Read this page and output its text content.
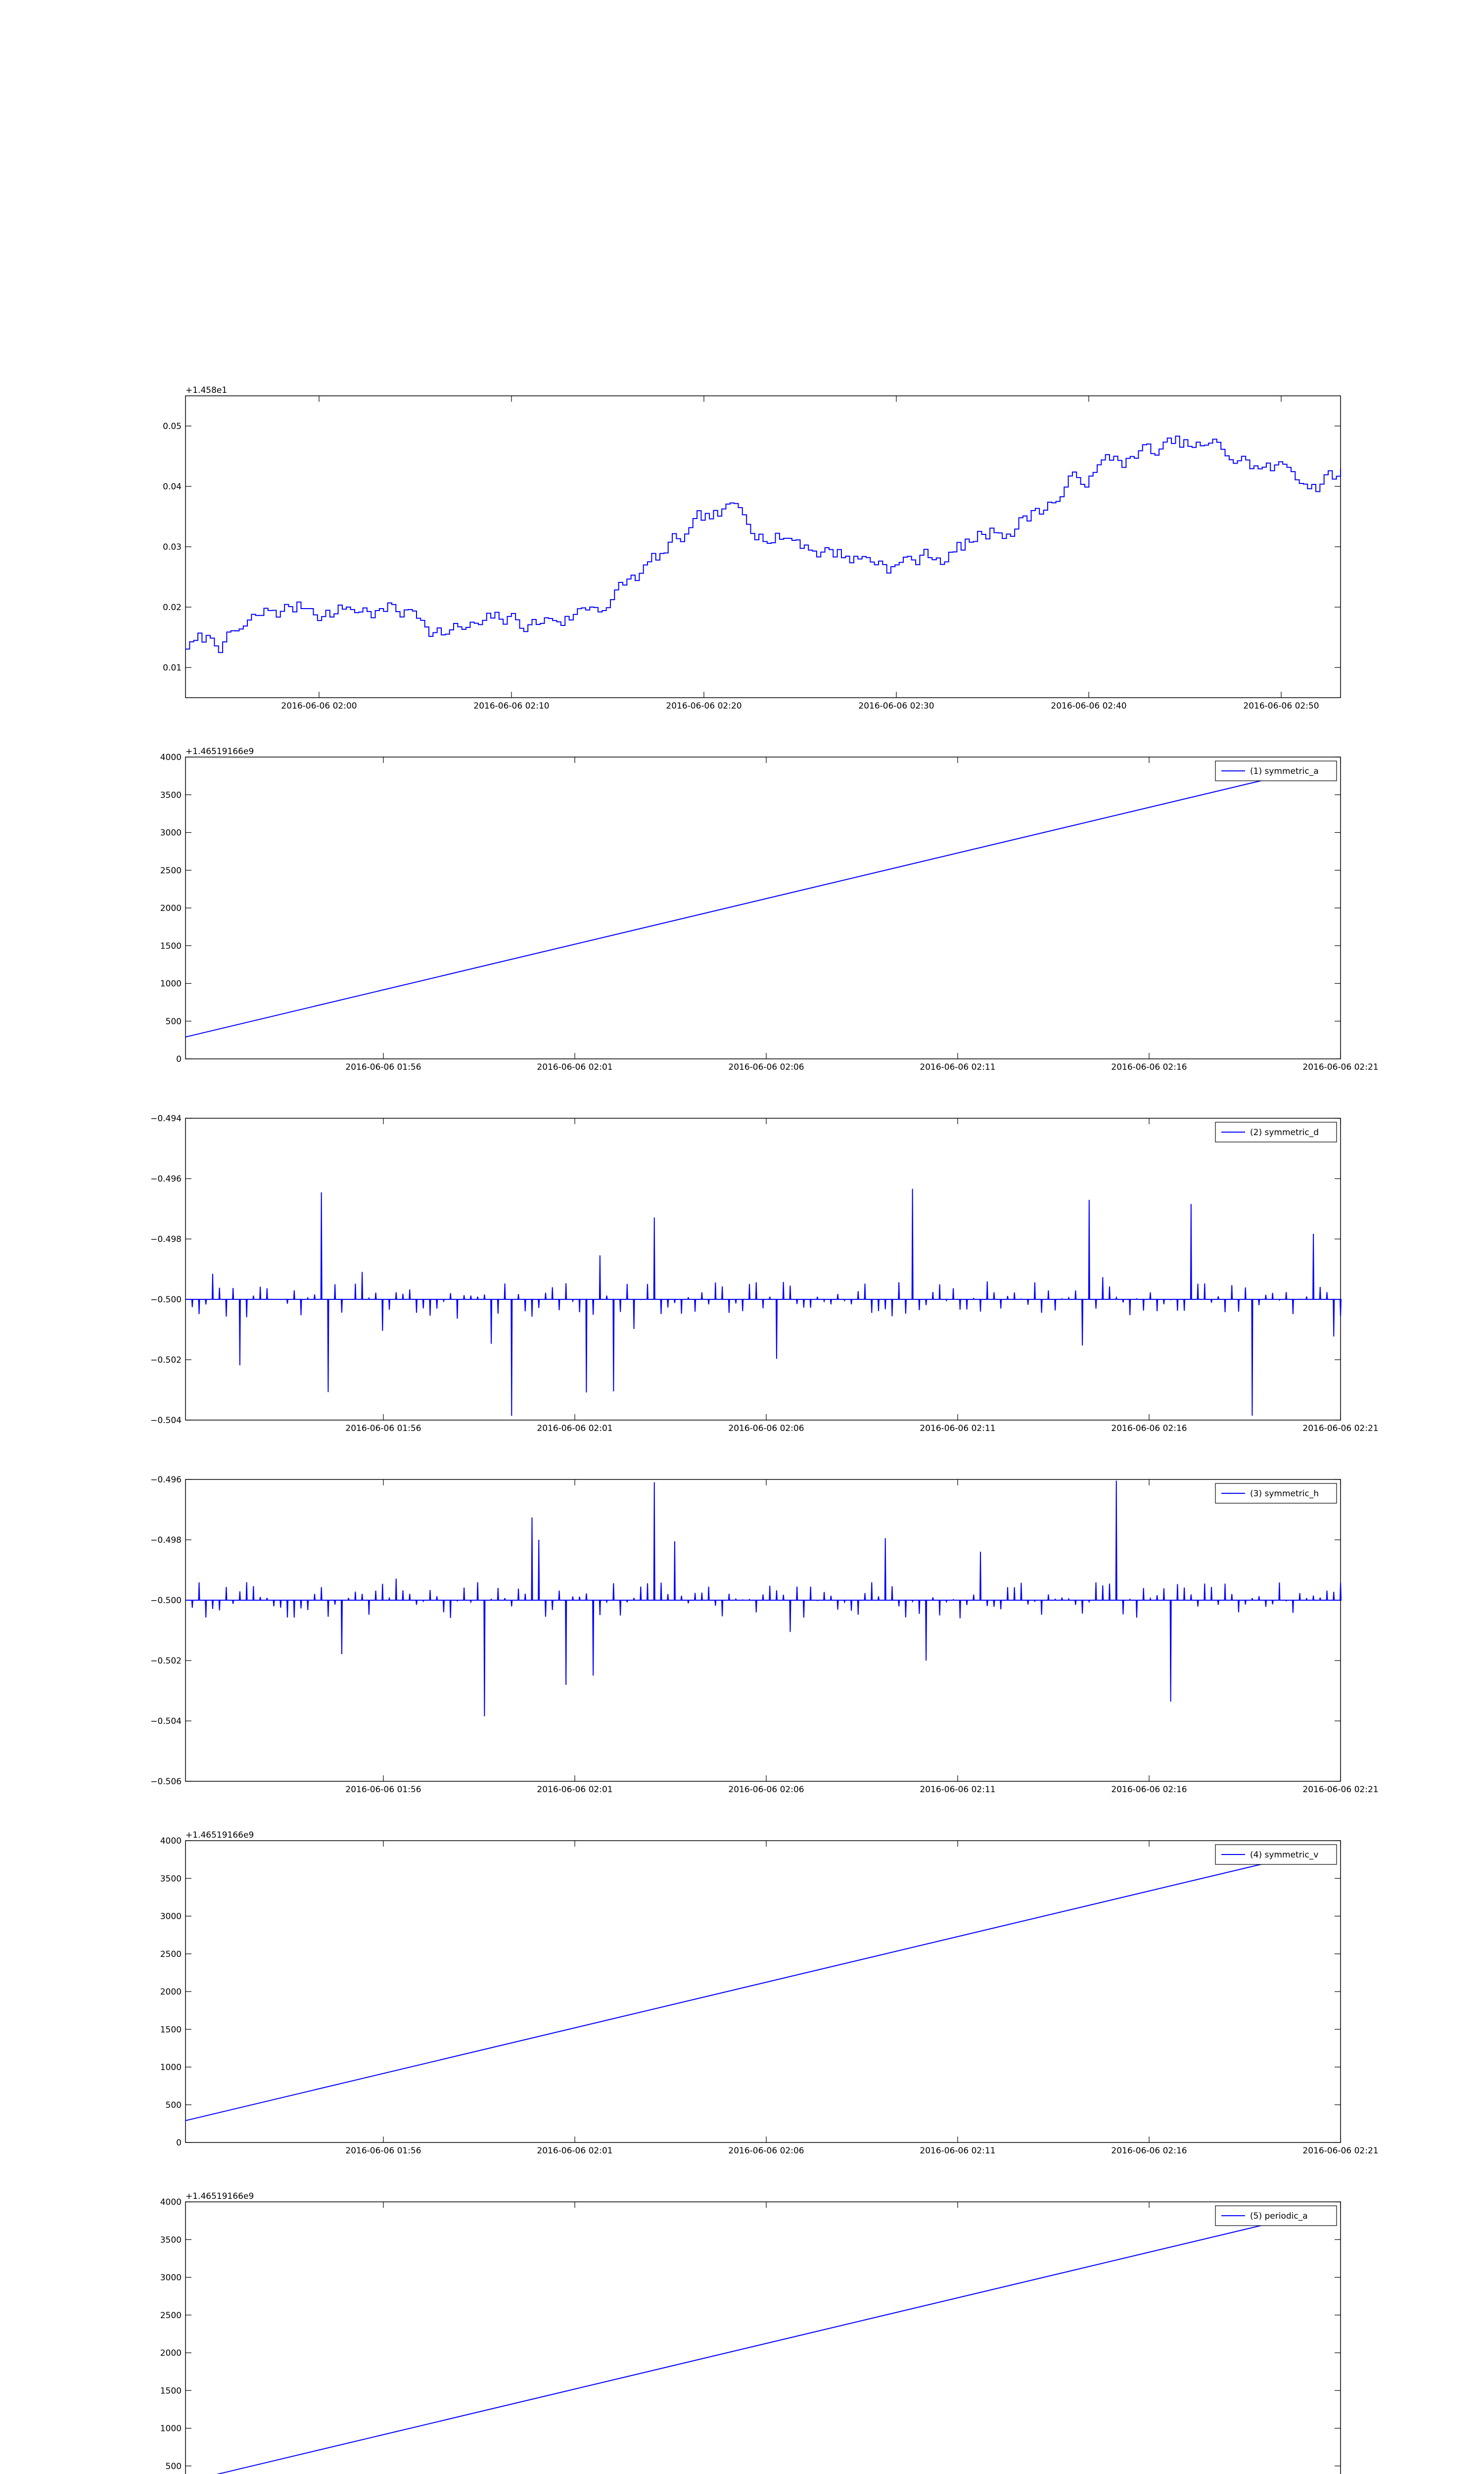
0.01
0.02
0.03
0.04
0.05
2016-06-06 02:00	2016-06-06 02:10	2016-06-06 02:20	2016-06-06 02:30	2016-06-06 02:40	2016-06-06 02:50
+1.458e1
0
500
1000
1500
2000
2500
3000
3500
4000
2016-06-06 01:56	2016-06-06 02:01	2016-06-06 02:06	2016-06-06 02:11	2016-06-06 02:16	2016-06-06 02:21
+1.46519166e9
(1) symmetric_a
−0.504
−0.502
−0.500
−0.498
−0.496
−0.494
2016-06-06 01:56	2016-06-06 02:01	2016-06-06 02:06	2016-06-06 02:11	2016-06-06 02:16	2016-06-06 02:21
(2) symmetric_d
−0.506
−0.504
−0.502
−0.500
−0.498
−0.496
2016-06-06 01:56	2016-06-06 02:01	2016-06-06 02:06	2016-06-06 02:11	2016-06-06 02:16	2016-06-06 02:21
(3) symmetric_h
0
500
1000
1500
2000
2500
3000
3500
4000
2016-06-06 01:56	2016-06-06 02:01	2016-06-06 02:06	2016-06-06 02:11	2016-06-06 02:16	2016-06-06 02:21
+1.46519166e9
(4) symmetric_v
500
1000
1500
2000
2500
3000
3500
4000
+1.46519166e9
(5) periodic_a
